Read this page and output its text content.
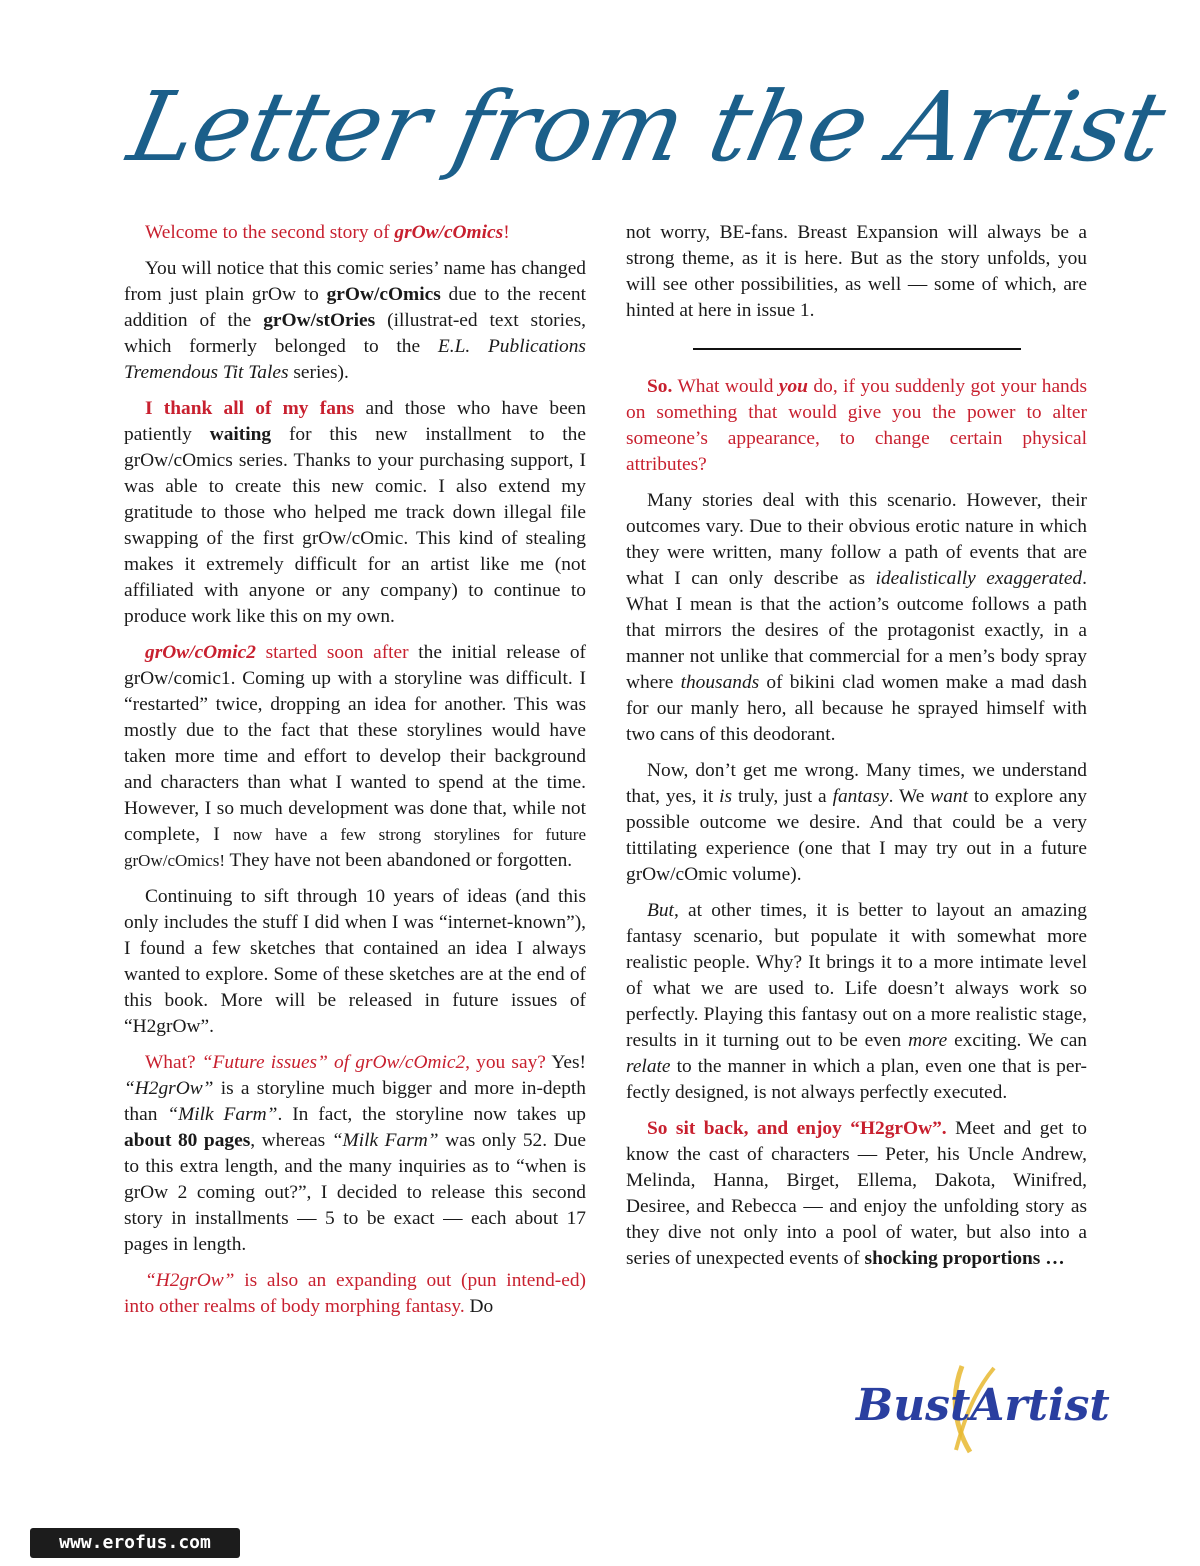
Letter from the Artist

Welcome to the second story of grOw/cOmics!

You will notice that this comic series’ name has changed from just plain grOw to grOw/cOmics due to the recent addition of the grOw/stOries (illustrat-ed text stories, which formerly belonged to the E.L. Publications Tremendous Tit Tales series).

I thank all of my fans and those who have been patiently waiting for this new installment to the grOw/cOmics series. Thanks to your purchasing support, I was able to create this new comic. I also extend my gratitude to those who helped me track down illegal file swapping of the first grOw/cOmic. This kind of stealing makes it extremely difficult for an artist like me (not affiliated with anyone or any company) to continue to produce work like this on my own.

grOw/cOmic2 started soon after the initial release of grOw/comic1. Coming up with a storyline was difficult. I “restarted” twice, dropping an idea for another. This was mostly due to the fact that these storylines would have taken more time and effort to develop their background and characters than what I wanted to spend at the time. However, I so much development was done that, while not complete, I now have a few strong storylines for future grOw/cOmics! They have not been abandoned or forgotten.

Continuing to sift through 10 years of ideas (and this only includes the stuff I did when I was “internet-known”), I found a few sketches that contained an idea I always wanted to explore. Some of these sketches are at the end of this book. More will be released in future issues of “H2grOw”.

What? “Future issues” of grOw/cOmic2, you say? Yes! “H2grOw” is a storyline much bigger and more in-depth than “Milk Farm”. In fact, the storyline now takes up about 80 pages, whereas “Milk Farm” was only 52. Due to this extra length, and the many inquiries as to “when is grOw 2 coming out?”, I decided to release this second story in installments — 5 to be exact — each about 17 pages in length.

“H2grOw” is also an expanding out (pun intend-ed) into other realms of body morphing fantasy. Do

not worry, BE-fans. Breast Expansion will always be a strong theme, as it is here. But as the story unfolds, you will see other possibilities, as well — some of which, are hinted at here in issue 1.

So. What would you do, if you suddenly got your hands on something that would give you the power to alter someone’s appearance, to change certain physical attributes?

Many stories deal with this scenario. However, their outcomes vary. Due to their obvious erotic nature in which they were written, many follow a path of events that are what I can only describe as idealistically exaggerated. What I mean is that the action’s outcome follows a path that mirrors the desires of the protagonist exactly, in a manner not unlike that commercial for a men’s body spray where thousands of bikini clad women make a mad dash for our manly hero, all because he sprayed himself with two cans of this deodorant.

Now, don’t get me wrong. Many times, we understand that, yes, it is truly, just a fantasy. We want to explore any possible outcome we desire. And that could be a very tittilating experience (one that I may try out in a future grOw/cOmic volume).

But, at other times, it is better to layout an amazing fantasy scenario, but populate it with somewhat more realistic people. Why? It brings it to a more intimate level of what we are used to. Life doesn’t always work so perfectly. Playing this fantasy out on a more realistic stage, results in it turning out to be even more exciting. We can relate to the manner in which a plan, even one that is per-fectly designed, is not always perfectly executed.

So sit back, and enjoy “H2grOw”. Meet and get to know the cast of characters — Peter, his Uncle Andrew, Melinda, Hanna, Birget, Ellema, Dakota, Winifred, Desiree, and Rebecca — and enjoy the unfolding story as they dive not only into a pool of water, but also into a series of unexpected events of shocking proportions …

BustArtist
www.erofus.com
